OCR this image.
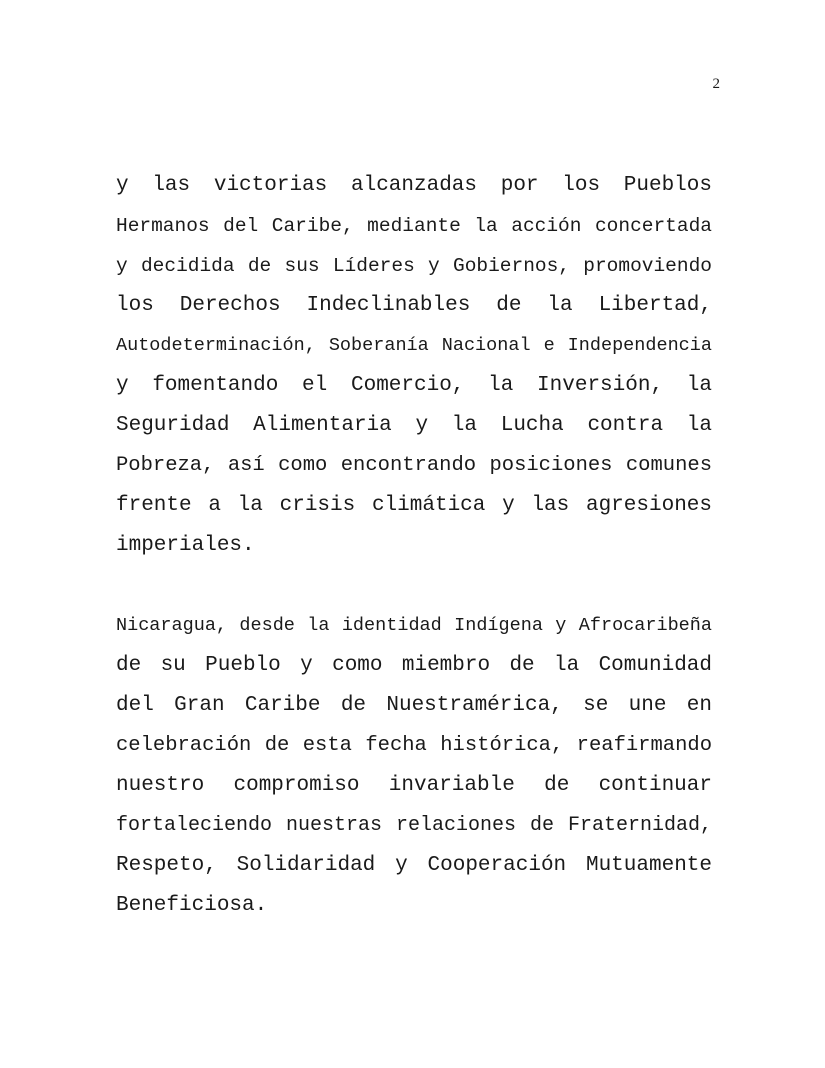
2
y las victorias alcanzadas por los Pueblos
Hermanos del Caribe, mediante la acción concertada
y decidida de sus Líderes y Gobiernos, promoviendo
los Derechos Indeclinables de la Libertad,
Autodeterminación, Soberanía Nacional e Independencia
y fomentando el Comercio, la Inversión, la
Seguridad Alimentaria y la Lucha contra la
Pobreza, así como encontrando posiciones comunes
frente a la crisis climática y las agresiones
imperiales.
Nicaragua, desde la identidad Indígena y Afrocaribeña
de su Pueblo y como miembro de la Comunidad
del Gran Caribe de Nuestramérica, se une en
celebración de esta fecha histórica, reafirmando
nuestro compromiso invariable de continuar
fortaleciendo nuestras relaciones de Fraternidad,
Respeto, Solidaridad y Cooperación Mutuamente
Beneficiosa.
